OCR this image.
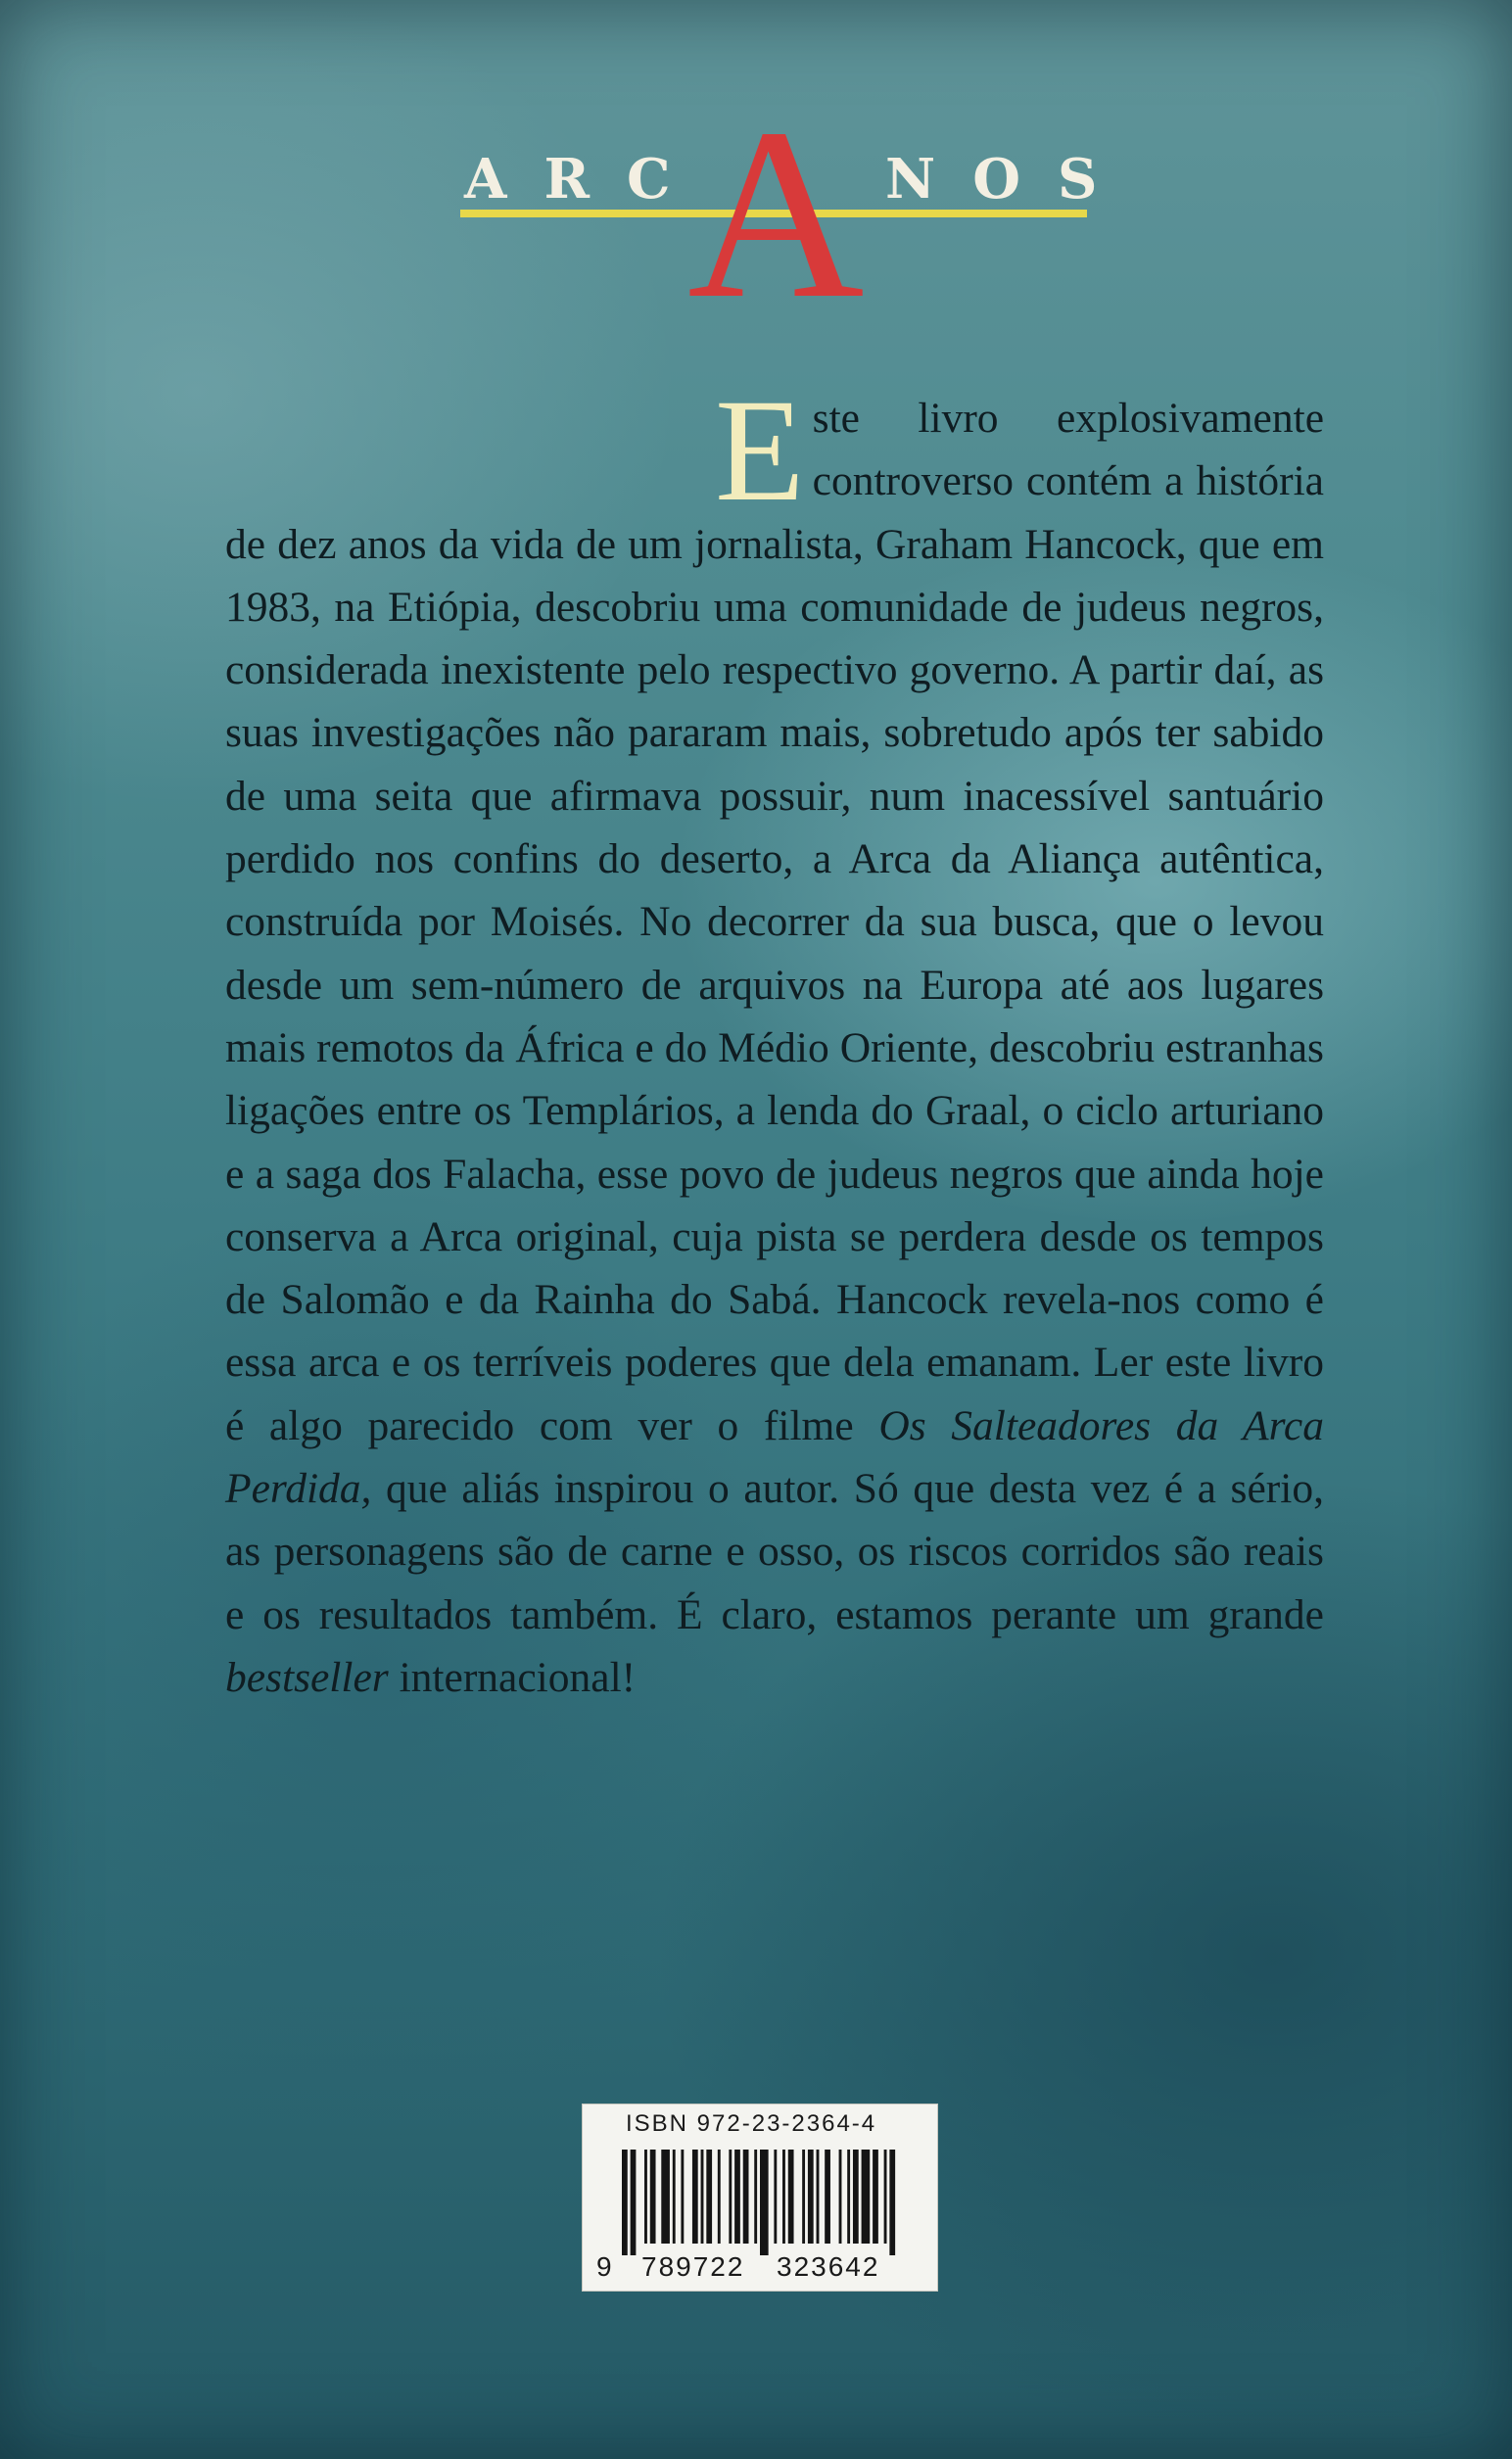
ARC
A NOS

Este livro explosivamente controverso contém a história de dez anos da vida de um jornalista, Graham Hancock, que em 1983, na Etiópia, descobriu uma comunidade de judeus negros, considerada inexistente pelo respectivo governo. A partir daí, as suas investigações não pararam mais, sobretudo após ter sabido de uma seita que afirmava possuir, num inacessível santuário perdido nos confins do deserto, a Arca da Aliança autêntica, construída por Moisés. No decorrer da sua busca, que o levou desde um sem-número de arquivos na Europa até aos lugares mais remotos da África e do Médio Oriente, descobriu estranhas ligações entre os Templários, a lenda do Graal, o ciclo arturiano e a saga dos Falacha, esse povo de judeus negros que ainda hoje conserva a Arca original, cuja pista se perdera desde os tempos de Salomão e da Rainha do Sabá. Hancock revela-nos como é essa arca e os terríveis poderes que dela emanam. Ler este livro é algo parecido com ver o filme Os Salteadores da Arca Perdida, que aliás inspirou o autor. Só que desta vez é a sério, as personagens são de carne e osso, os riscos corridos são reais e os resultados também. É claro, estamos perante um grande bestseller internacional!

ISBN 972-23-2364-4
9 789722 323642
